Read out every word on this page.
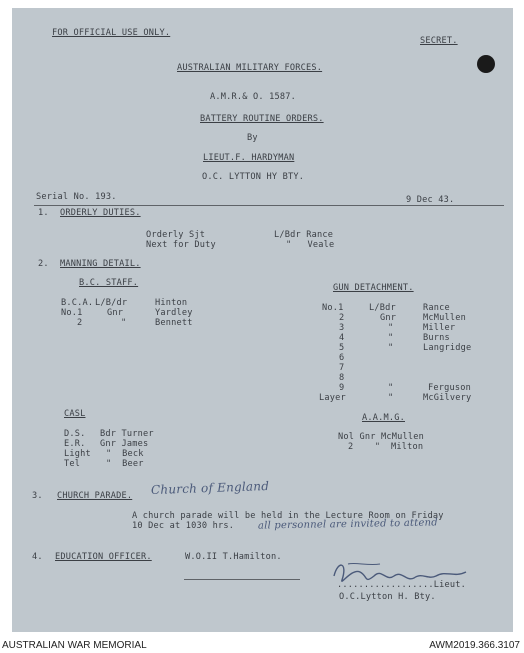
FOR OFFICIAL USE ONLY.
SECRET.
AUSTRALIAN MILITARY FORCES.
A.M.R.& O. 1587.
BATTERY ROUTINE ORDERS.
By
LIEUT.F. HARDYMAN
O.C. LYTTON HY BTY.
Serial No. 193.	9 Dec 43.
1. ORDERLY DUTIES.
Orderly Sjt	L/Bdr Rance
Next for Duty	"   Veale
2. MANNING DETAIL.
B.C. STAFF.
B.C.A. L/B/dr	Hinton
No.1	Gnr	Yardley
2	"	Bennett
GUN DETACHMENT.
No.1	L/Bdr	Rance
2	Gnr	McMullen
3	"	Miller
4	"	Burns
5	"	Langridge
6
7
8
9	"	Ferguson
Layer	"	McGilvery
CASL
D.S. Bdr Turner
E.R. Gnr James
Light "  Beck
Tel	"  Beer
A.A.M.G.
Nol Gnr McMullen
2    "  Milton
3. CHURCH PARADE. Church of England
A church parade will be held in the Lecture Room on Friday
10 Dec at 1030 hrs. all personnel are invited to attend
4. EDUCATION OFFICER.	W.O.II T.Hamilton.
..................Lieut.
O.C.Lytton H. Bty.
AUSTRALIAN WAR MEMORIAL	AWM2019.366.3107
